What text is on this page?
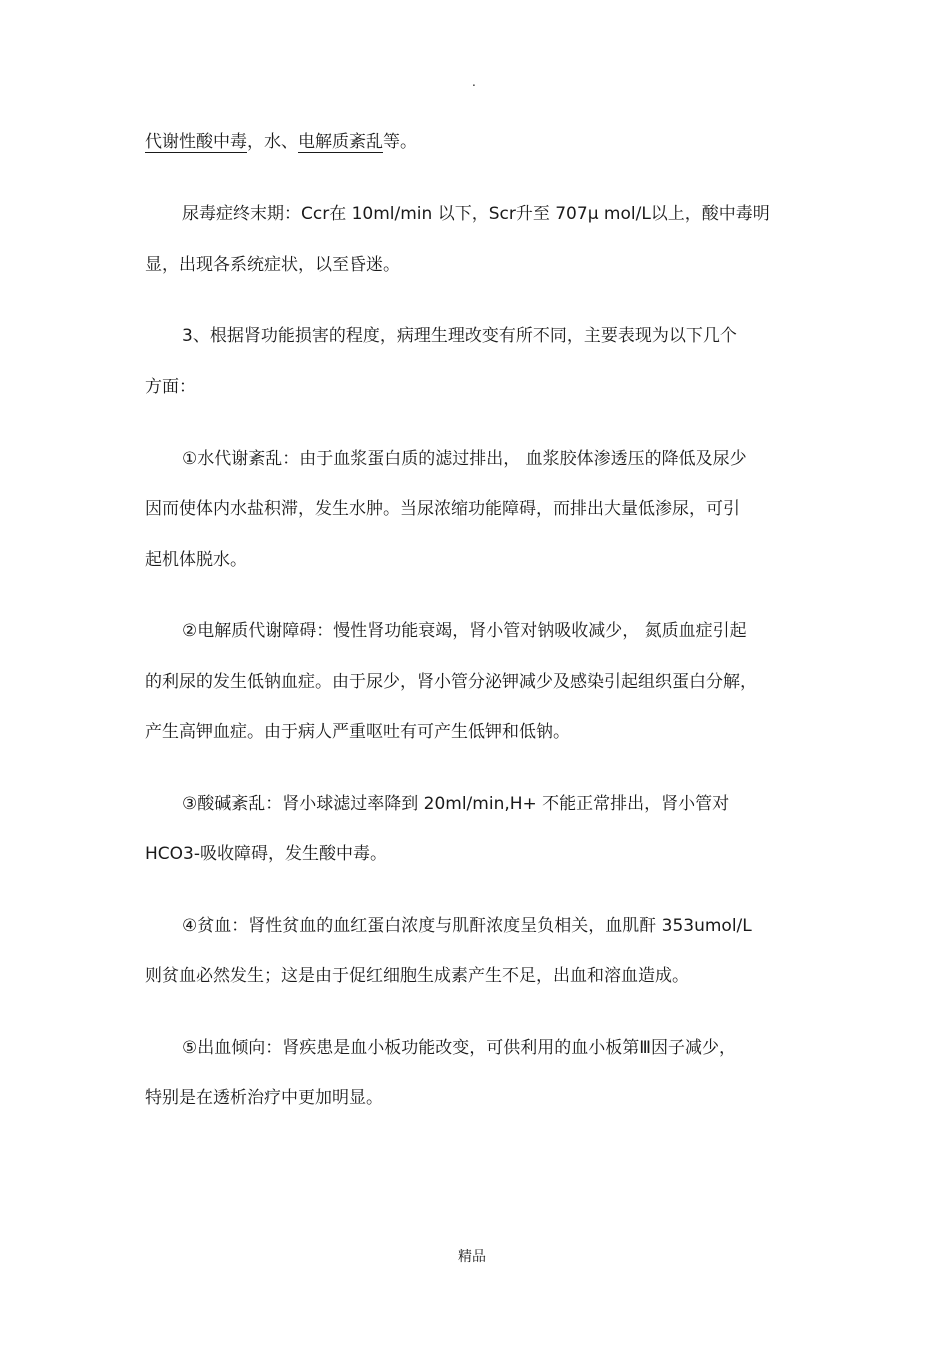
.
代谢性酸中毒，水、电解质紊乱等。
尿毒症终末期：Ccr在 10ml/min 以下，Scr升至 707μ mol/L以上，酸中毒明
显，出现各系统症状，以至昏迷。
3、根据肾功能损害的程度，病理生理改变有所不同，主要表现为以下几个
方面：
①水代谢紊乱：由于血浆蛋白质的滤过排出， 血浆胶体渗透压的降低及尿少
因而使体内水盐积滞，发生水肿。当尿浓缩功能障碍，而排出大量低渗尿，可引
起机体脱水。
②电解质代谢障碍：慢性肾功能衰竭，肾小管对钠吸收减少， 氮质血症引起
的利尿的发生低钠血症。由于尿少，肾小管分泌钾减少及感染引起组织蛋白分解，
产生高钾血症。由于病人严重呕吐有可产生低钾和低钠。
③酸碱紊乱：肾小球滤过率降到 20ml/min,H+ 不能正常排出，肾小管对
HCO3-吸收障碍，发生酸中毒。
④贫血：肾性贫血的血红蛋白浓度与肌酐浓度呈负相关，血肌酐 353umol/L
则贫血必然发生；这是由于促红细胞生成素产生不足，出血和溶血造成。
⑤出血倾向：肾疾患是血小板功能改变，可供利用的血小板第Ⅲ因子减少，
特别是在透析治疗中更加明显。
精品
